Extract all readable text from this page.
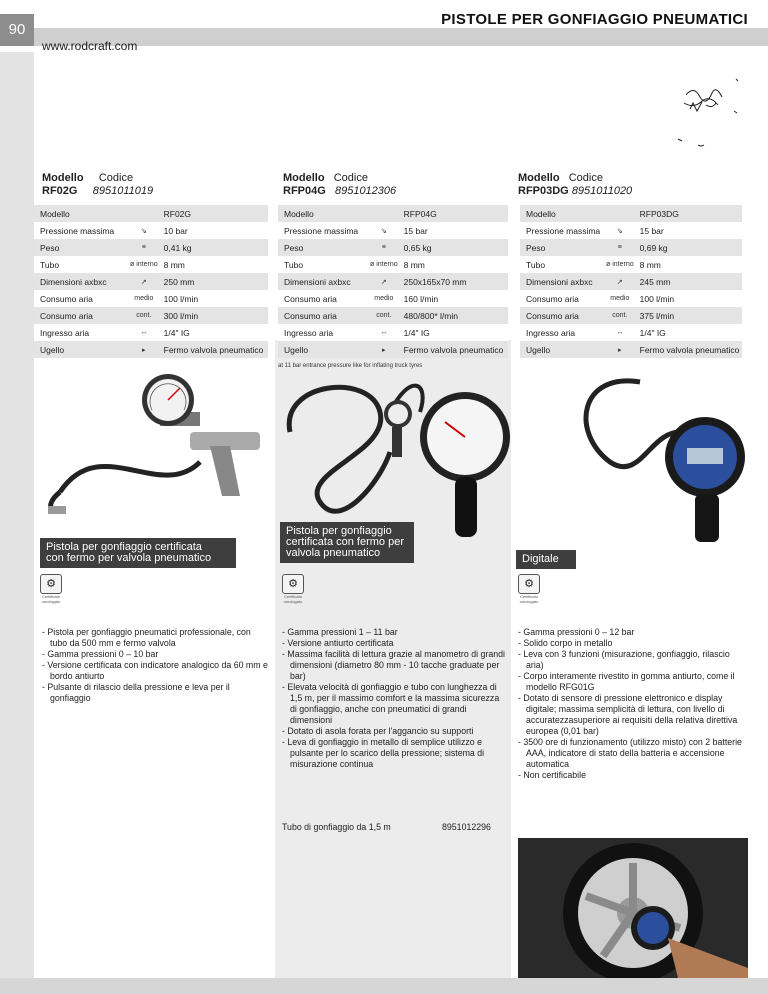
90
PISTOLE PER GONFIAGGIO PNEUMATICI
www.rodcraft.com
Modello Codice
RF02G 8951011019
Modello Codice
RFP04G 8951012306
Modello Codice
RFP03DG 8951011020
Modello		RF02G
Pressione massima	⇘	10 bar
Peso	≡	0,41 kg
Tubo	ø interno	8 mm
Dimensioni axbxc	↗	250 mm
Consumo aria	medio	100 l/min
Consumo aria	cont.	300 l/min
Ingresso aria	↔	1/4" IG
Ugello	▸	Fermo valvola pneumatico
Modello		RFP04G
Pressione massima	⇘	15 bar
Peso	≡	0,65 kg
Tubo	ø interno	8 mm
Dimensioni axbxc	↗	250x165x70 mm
Consumo aria	medio	160 l/min
Consumo aria	cont.	480/800* l/min
Ingresso aria	↔	1/4" IG
Ugello	▸	Fermo valvola pneumatico
Modello		RFP03DG
Pressione massima	⇘	15 bar
Peso	≡	0,69 kg
Tubo	ø interno	8 mm
Dimensioni axbxc	↗	245 mm
Consumo aria	medio	100 l/min
Consumo aria	cont.	375 l/min
Ingresso aria	↔	1/4" IG
Ugello	▸	Fermo valvola pneumatico
at 11 bar entrance pressure like for inflating truck tyres
Pistola per gonfiaggio certificata
con fermo per valvola pneumatico
Pistola per gonfiaggio
certificata con fermo per
valvola pneumatico	Digitale
⚙
Certificato omologato
⚙
Certificato omologato
⚙
Certificato omologato
- Pistola per gonfiaggio pneumatici professionale, con tubo da 500 mm e fermo valvola
- Gamma pressioni 0 – 10 bar
- Versione certificata con indicatore analogico da 60 mm e bordo antiurto
- Pulsante di rilascio della pressione e leva per il gonfiaggio
- Gamma pressioni 1 – 11 bar
- Versione antiurto certificata
- Massima facilità di lettura grazie al manometro di grandi dimensioni (diametro 80 mm - 10 tacche graduate per bar)
- Elevata velocità di gonfiaggio e tubo con lunghezza di 1,5 m, per il massimo comfort e la massima sicurezza di gonfiaggio, anche con pneumatici di grandi dimensioni
- Dotato di asola forata per l'aggancio su supporti
- Leva di gonfiaggio in metallo di semplice utilizzo e pulsante per lo scarico della pressione; sistema di misurazione continua
- Gamma pressioni 0 – 12 bar
- Solido corpo in metallo
- Leva con 3 funzioni (misurazione, gonfiaggio, rilascio aria)
- Corpo interamente rivestito in gomma antiurto, come il modello RFG01G
- Dotato di sensore di pressione elettronico e display digitale; massima semplicità di lettura, con livello di accuratezzasuperiore ai requisiti della relativa direttiva europea (0,01 bar)
- 3500 ore di funzionamento (utilizzo misto) con 2 batterie AAA, indicatore di stato della batteria e accensione automatica
- Non certificabile
Tubo di gonfiaggio da 1,5 m	8951012296
